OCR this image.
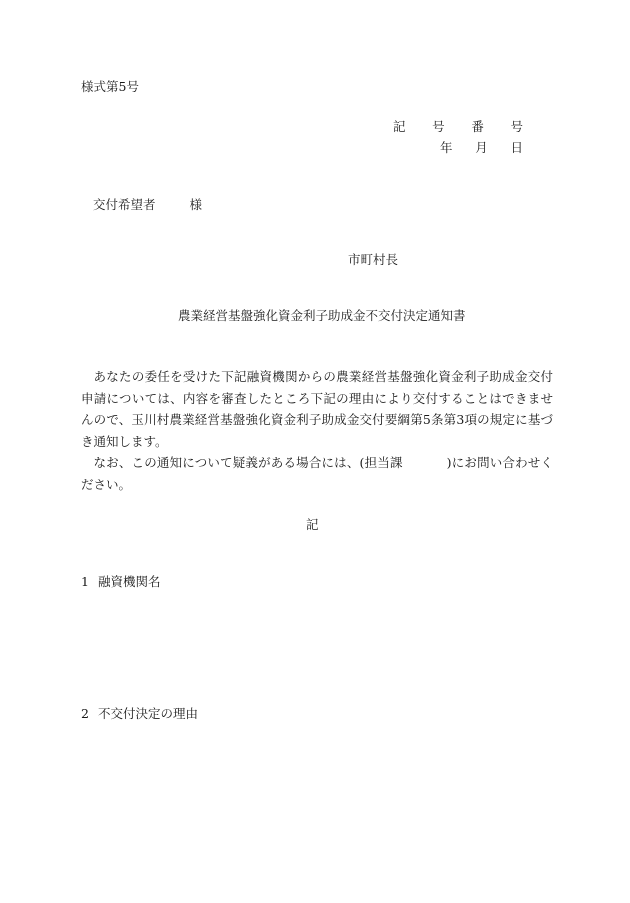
様式第5号
記 号 番 号
年 月 日
交付希望者	様
市町村長
農業経営基盤強化資金利子助成金不交付決定通知書

あなたの委任を受けた下記融資機関からの農業経営基盤強化資金利子助成金交付申請については、内容を審査したところ下記の理由により交付することはできませんので、玉川村農業経営基盤強化資金利子助成金交付要綱第5条第3項の規定に基づき通知します。

なお、この通知について疑義がある場合には、(担当課	)にお問い合わせください。

記
1 融資機関名
2 不交付決定の理由
